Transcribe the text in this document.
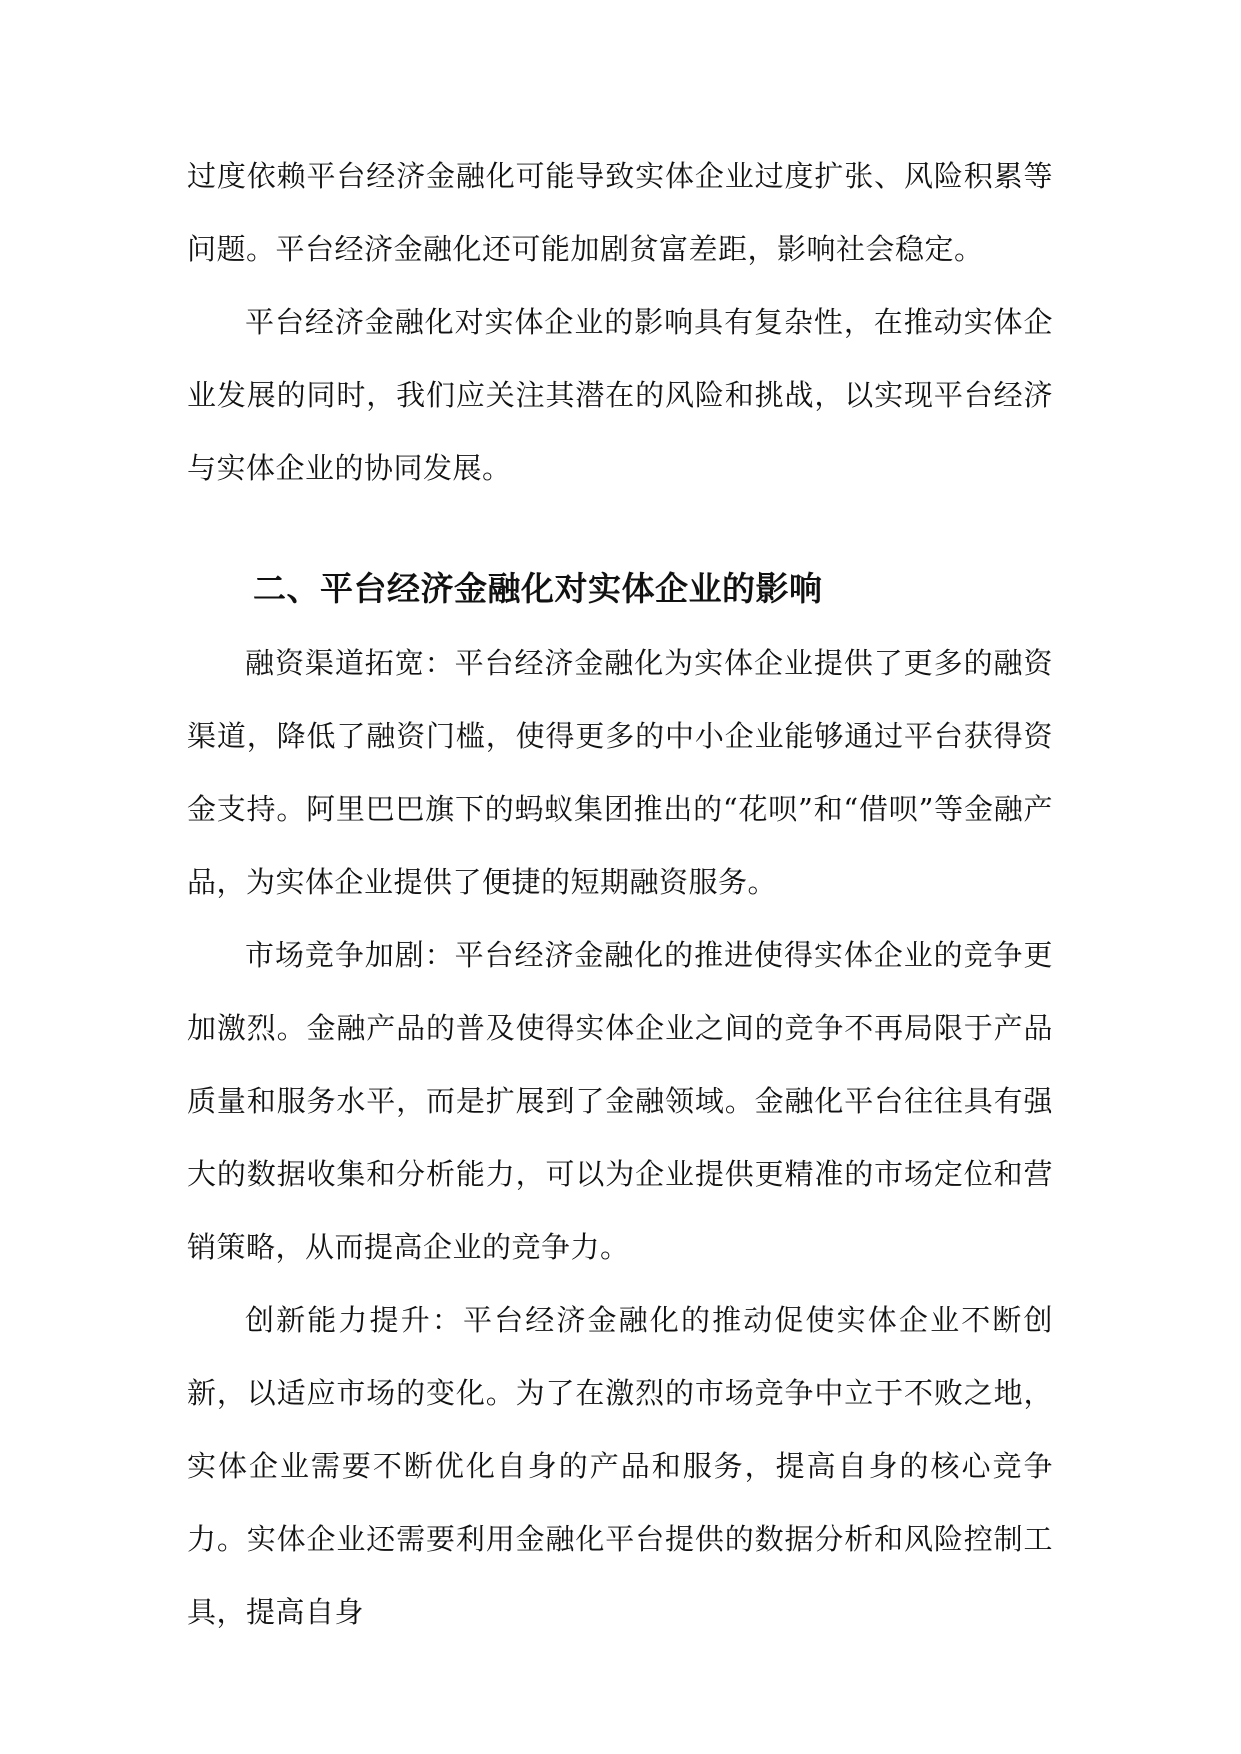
过度依赖平台经济金融化可能导致实体企业过度扩张、风险积累等问题。平台经济金融化还可能加剧贫富差距，影响社会稳定。

平台经济金融化对实体企业的影响具有复杂性，在推动实体企业发展的同时，我们应关注其潜在的风险和挑战，以实现平台经济与实体企业的协同发展。

二、平台经济金融化对实体企业的影响

融资渠道拓宽：平台经济金融化为实体企业提供了更多的融资渠道，降低了融资门槛，使得更多的中小企业能够通过平台获得资金支持。阿里巴巴旗下的蚂蚁集团推出的“花呗”和“借呗”等金融产品，为实体企业提供了便捷的短期融资服务。

市场竞争加剧：平台经济金融化的推进使得实体企业的竞争更加激烈。金融产品的普及使得实体企业之间的竞争不再局限于产品质量和服务水平，而是扩展到了金融领域。金融化平台往往具有强大的数据收集和分析能力，可以为企业提供更精准的市场定位和营销策略，从而提高企业的竞争力。

创新能力提升：平台经济金融化的推动促使实体企业不断创新，以适应市场的变化。为了在激烈的市场竞争中立于不败之地，实体企业需要不断优化自身的产品和服务，提高自身的核心竞争力。实体企业还需要利用金融化平台提供的数据分析和风险控制工具，提高自身
